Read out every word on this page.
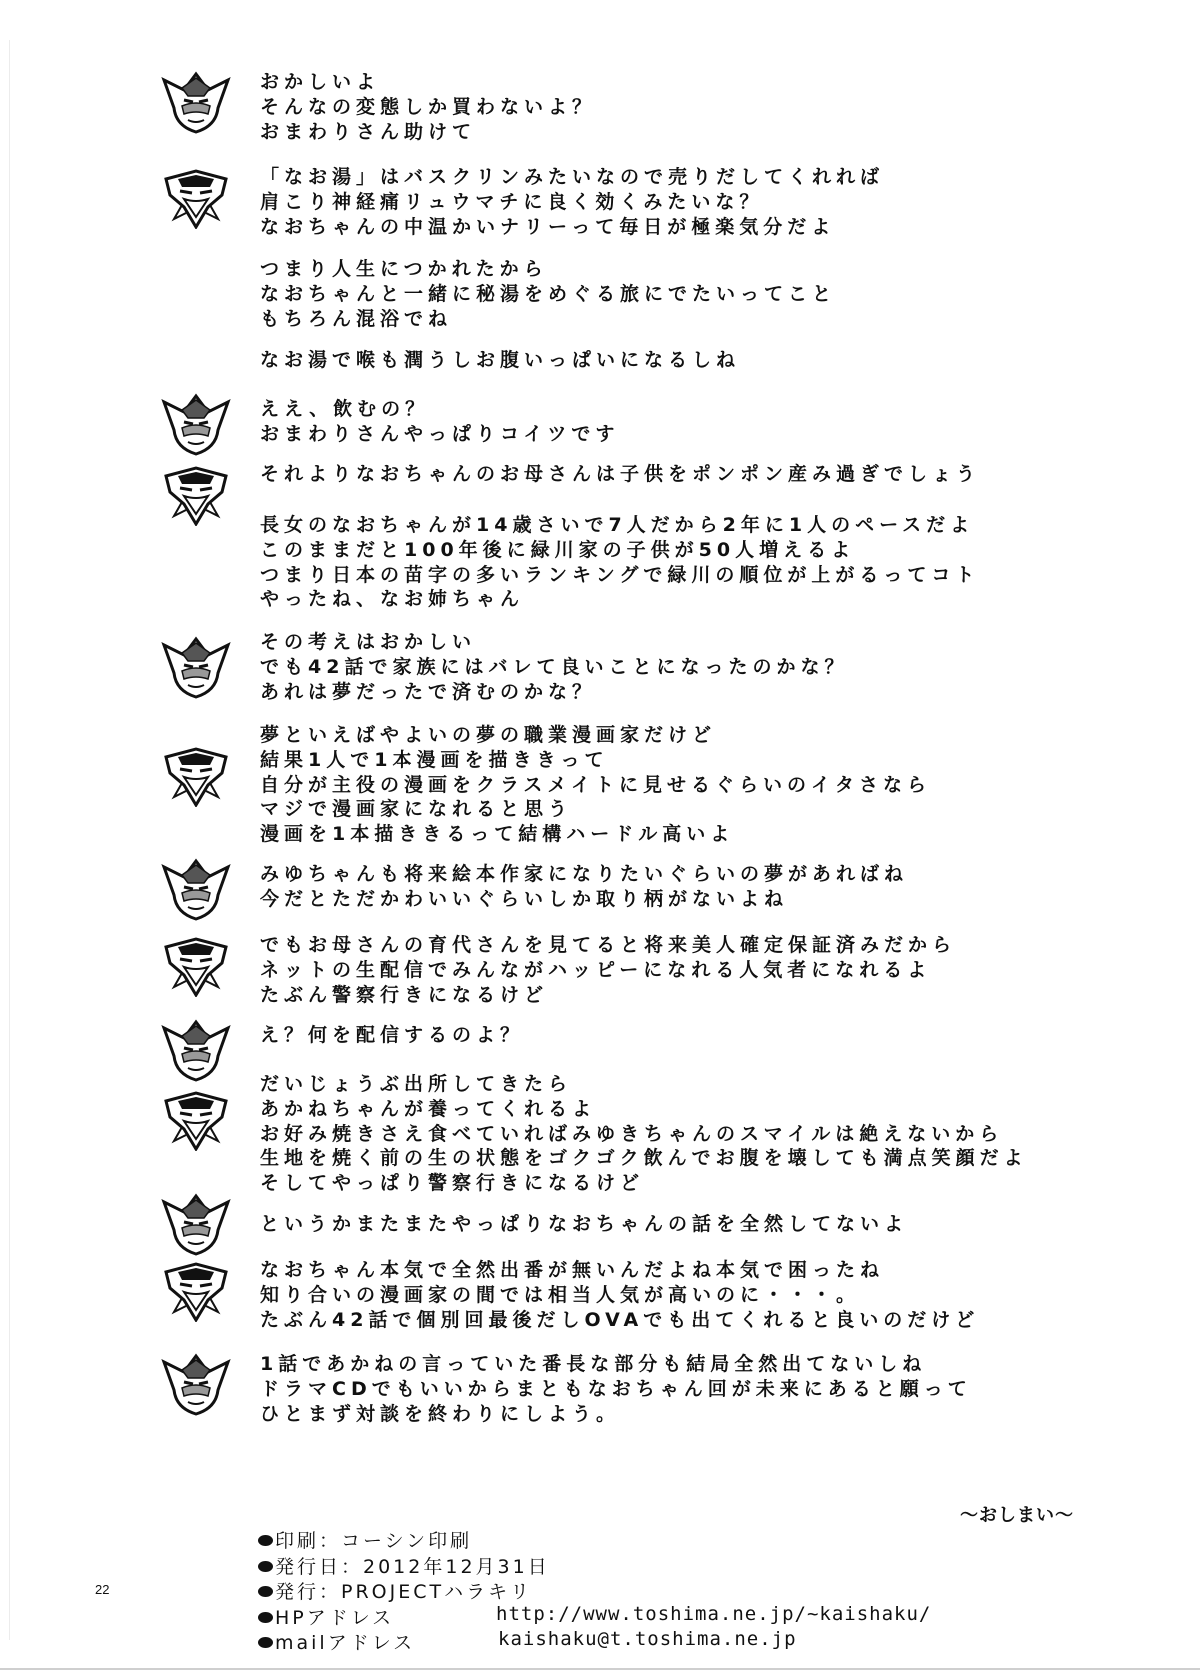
おかしいよ
そんなの変態しか買わないよ？
おまわりさん助けて
「なお湯」はバスクリンみたいなので売りだしてくれれば
肩こり神経痛リュウマチに良く効くみたいな？
なおちゃんの中温かいナリーって毎日が極楽気分だよ
つまり人生につかれたから
なおちゃんと一緒に秘湯をめぐる旅にでたいってこと
もちろん混浴でね
なお湯で喉も潤うしお腹いっぱいになるしね
ええ、飲むの？
おまわりさんやっぱりコイツです
それよりなおちゃんのお母さんは子供をポンポン産み過ぎでしょう
長女のなおちゃんが14歳さいで7人だから2年に1人のペースだよ
このままだと100年後に緑川家の子供が50人増えるよ
つまり日本の苗字の多いランキングで緑川の順位が上がるってコト
やったね、なお姉ちゃん
その考えはおかしい
でも42話で家族にはバレて良いことになったのかな？
あれは夢だったで済むのかな？
夢といえばやよいの夢の職業漫画家だけど
結果1人で1本漫画を描ききって
自分が主役の漫画をクラスメイトに見せるぐらいのイタさなら
マジで漫画家になれると思う
漫画を1本描ききるって結構ハードル高いよ
みゆちゃんも将来絵本作家になりたいぐらいの夢があればね
今だとただかわいいぐらいしか取り柄がないよね
でもお母さんの育代さんを見てると将来美人確定保証済みだから
ネットの生配信でみんながハッピーになれる人気者になれるよ
たぶん警察行きになるけど
え？何を配信するのよ？
だいじょうぶ出所してきたら
あかねちゃんが養ってくれるよ
お好み焼きさえ食べていればみゆきちゃんのスマイルは絶えないから
生地を焼く前の生の状態をゴクゴク飲んでお腹を壊しても満点笑顔だよ
そしてやっぱり警察行きになるけど
というかまたまたやっぱりなおちゃんの話を全然してないよ
なおちゃん本気で全然出番が無いんだよね本気で困ったね
知り合いの漫画家の間では相当人気が高いのに・・・。
たぶん42話で個別回最後だしOVAでも出てくれると良いのだけど
1話であかねの言っていた番長な部分も結局全然出てないしね
ドラマCDでもいいからまともなおちゃん回が未来にあると願って
ひとまず対談を終わりにしよう。
〜おしまい〜
印刷：コーシン印刷
発行日：2012年12月31日
発行：PROJECTハラキリ
HPアドレス	http://www.toshima.ne.jp/~kaishaku/
mailアドレス	kaishaku@t.toshima.ne.jp
22
